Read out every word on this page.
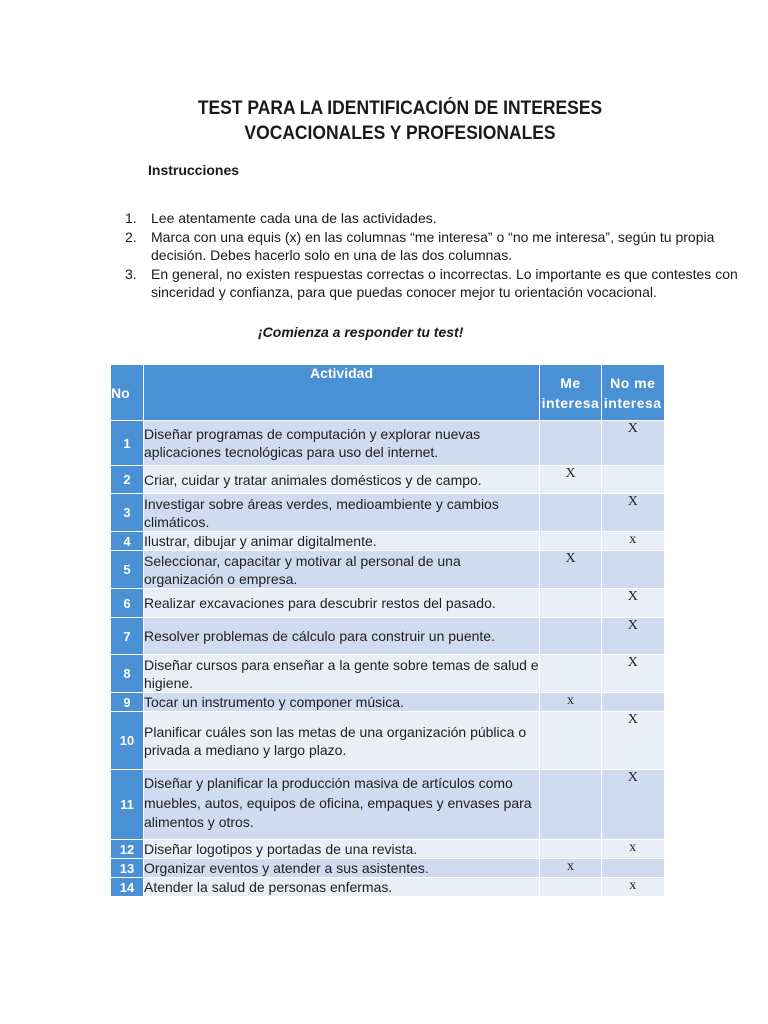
TEST PARA LA IDENTIFICACIÓN DE INTERESES
VOCACIONALES Y PROFESIONALES
Instrucciones
1. Lee atentamente cada una de las actividades.
2. Marca con una equis (x) en las columnas “me interesa” o “no me interesa”, según tu propia decisión. Debes hacerlo solo en una de las dos columnas.
3. En general, no existen respuestas correctas o incorrectas. Lo importante es que contestes con sinceridad y confianza, para que puedas conocer mejor tu orientación vocacional.
¡Comienza a responder tu test!
No	Actividad	Me interesa	No me interesa
1	Diseñar programas de computación y explorar nuevas aplicaciones tecnológicas para uso del internet.		X
2	Criar, cuidar y tratar animales domésticos y de campo.	X	
3	Investigar sobre áreas verdes, medioambiente y cambios climáticos.		X
4	Ilustrar, dibujar y animar digitalmente.		x
5	Seleccionar, capacitar y motivar al personal de una organización o empresa.	X	
6	Realizar excavaciones para descubrir restos del pasado.		X
7	Resolver problemas de cálculo para construir un puente.		X
8	Diseñar cursos para enseñar a la gente sobre temas de salud e higiene.		X
9	Tocar un instrumento y componer música.	x	
10	Planificar cuáles son las metas de una organización pública o privada a mediano y largo plazo.		X
11	Diseñar y planificar la producción masiva de artículos como muebles, autos, equipos de oficina, empaques y envases para alimentos y otros.		X
12	Diseñar logotipos y portadas de una revista.		x
13	Organizar eventos y atender a sus asistentes.	x	
14	Atender la salud de personas enfermas.		x
